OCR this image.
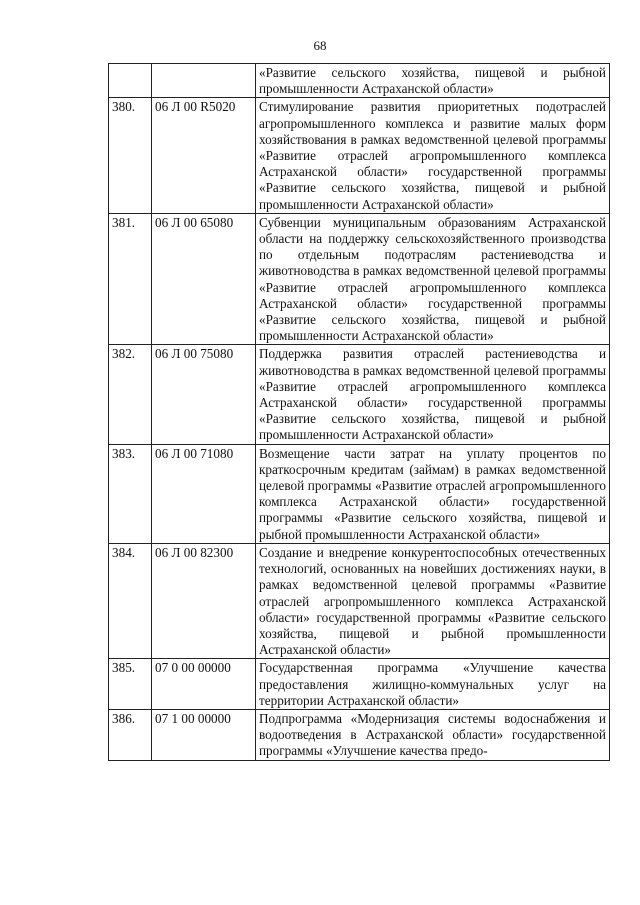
68
		«Развитие сельского хозяйства, пищевой и рыбной промышленности Астраханской области»
380.	06 Л 00 R5020	Стимулирование развития приоритетных подотраслей агропромышленного комплекса и развитие малых форм хозяйствования в рамках ведомственной целевой программы «Развитие отраслей агропромышленного комплекса Астраханской области» государственной программы «Развитие сельского хозяйства, пищевой и рыбной промышленности Астраханской области»
381.	06 Л 00 65080	Субвенции муниципальным образованиям Астраханской области на поддержку сельскохозяйственного производства по отдельным подотраслям растениеводства и животноводства в рамках ведомственной целевой программы «Развитие отраслей агропромышленного комплекса Астраханской области» государственной программы «Развитие сельского хозяйства, пищевой и рыбной промышленности Астраханской области»
382.	06 Л 00 75080	Поддержка развития отраслей растениеводства и животноводства в рамках ведомственной целевой программы «Развитие отраслей агропромышленного комплекса Астраханской области» государственной программы «Развитие сельского хозяйства, пищевой и рыбной промышленности Астраханской области»
383.	06 Л 00 71080	Возмещение части затрат на уплату процентов по краткосрочным кредитам (займам) в рамках ведомственной целевой программы «Развитие отраслей агропромышленного комплекса Астраханской области» государственной программы «Развитие сельского хозяйства, пищевой и рыбной промышленности Астраханской области»
384.	06 Л 00 82300	Создание и внедрение конкурентоспособных отечественных технологий, основанных на новейших достижениях науки, в рамках ведомственной целевой программы «Развитие отраслей агропромышленного комплекса Астраханской области» государственной программы «Развитие сельского хозяйства, пищевой и рыбной промышленности Астраханской области»
385.	07 0 00 00000	Государственная программа «Улучшение качества предоставления жилищно-коммунальных услуг на территории Астраханской области»
386.	07 1 00 00000	Подпрограмма «Модернизация системы водоснабжения и водоотведения в Астраханской области» государственной программы «Улучшение качества предо-
